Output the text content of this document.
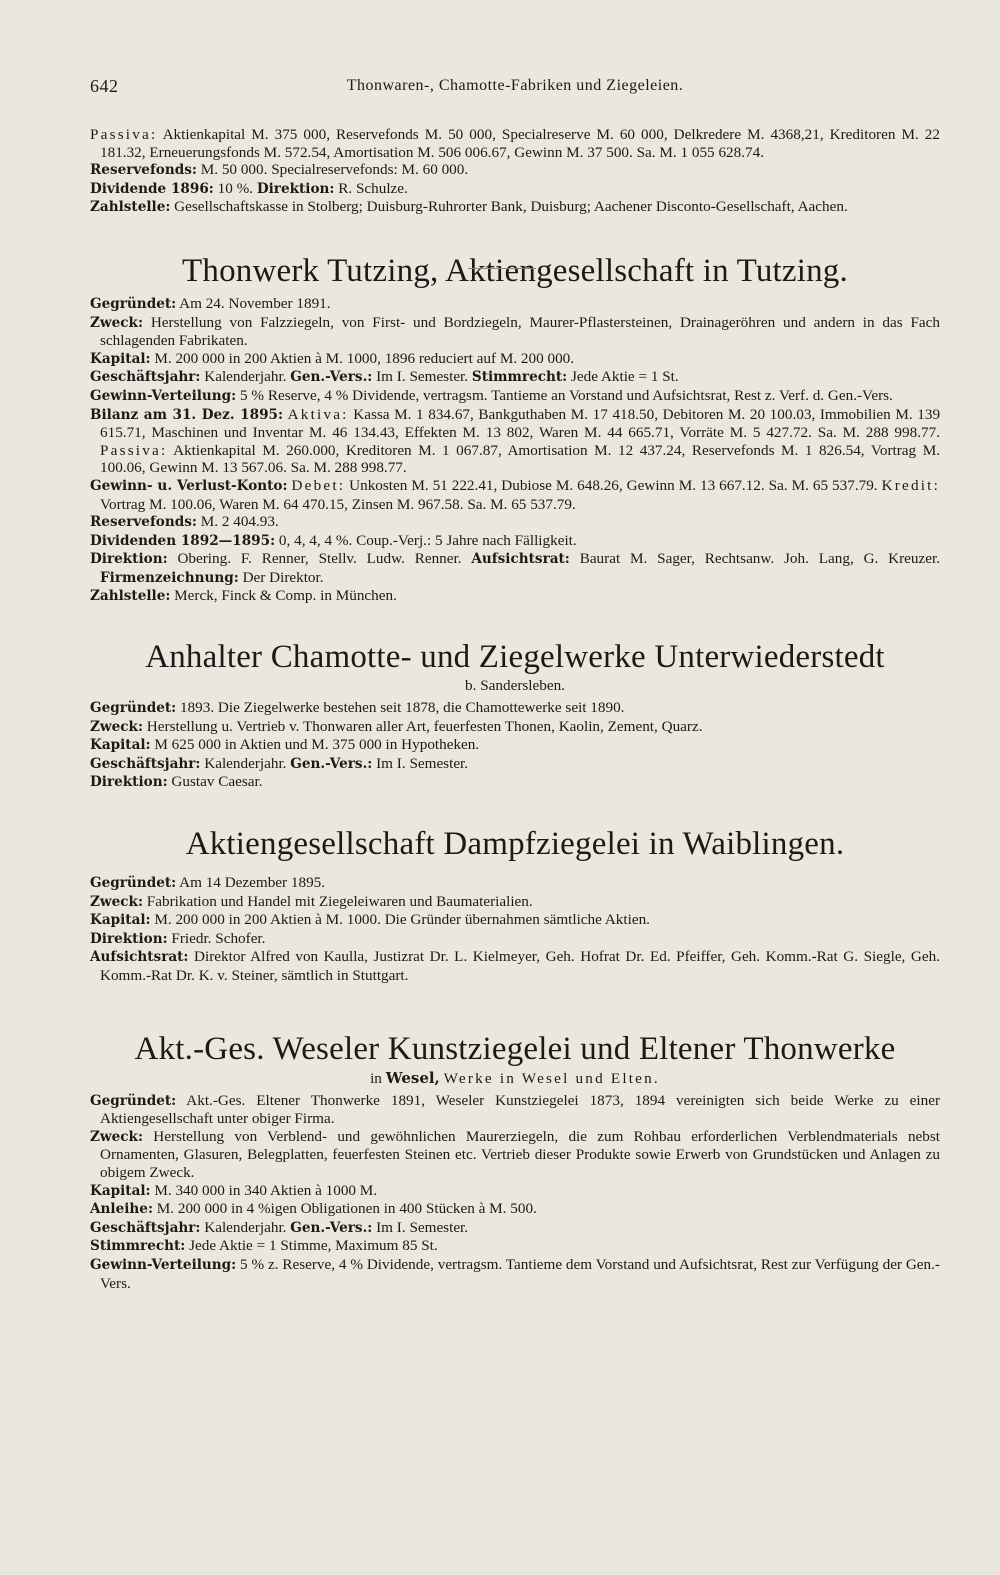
642	Thonwaren-, Chamotte-Fabriken und Ziegeleien.

Passiva: Aktienkapital M. 375 000, Reservefonds M. 50 000, Specialreserve M. 60 000, Delkredere M. 4368,21, Kreditoren M. 22 181.32, Erneuerungsfonds M. 572.54, Amortisation M. 506 006.67, Gewinn M. 37 500. Sa. M. 1 055 628.74.

Reservefonds: M. 50 000. Specialreservefonds: M. 60 000.

Dividende 1896: 10 %. Direktion: R. Schulze.

Zahlstelle: Gesellschaftskasse in Stolberg; Duisburg-Ruhrorter Bank, Duisburg; Aachener Disconto-Gesellschaft, Aachen.

Thonwerk Tutzing, Aktiengesellschaft in Tutzing.

Gegründet: Am 24. November 1891.

Zweck: Herstellung von Falzziegeln, von First- und Bordziegeln, Maurer-Pflastersteinen, Drainageröhren und andern in das Fach schlagenden Fabrikaten.

Kapital: M. 200 000 in 200 Aktien à M. 1000, 1896 reduciert auf M. 200 000.

Geschäftsjahr: Kalenderjahr. Gen.-Vers.: Im I. Semester. Stimmrecht: Jede Aktie = 1 St.

Gewinn-Verteilung: 5 % Reserve, 4 % Dividende, vertragsm. Tantieme an Vorstand und Aufsichtsrat, Rest z. Verf. d. Gen.-Vers.

Bilanz am 31. Dez. 1895: Aktiva: Kassa M. 1 834.67, Bankguthaben M. 17 418.50, Debitoren M. 20 100.03, Immobilien M. 139 615.71, Maschinen und Inventar M. 46 134.43, Effekten M. 13 802, Waren M. 44 665.71, Vorräte M. 5 427.72. Sa. M. 288 998.77. Passiva: Aktienkapital M. 260.000, Kreditoren M. 1 067.87, Amortisation M. 12 437.24, Reservefonds M. 1 826.54, Vortrag M. 100.06, Gewinn M. 13 567.06. Sa. M. 288 998.77.

Gewinn- u. Verlust-Konto: Debet: Unkosten M. 51 222.41, Dubiose M. 648.26, Gewinn M. 13 667.12. Sa. M. 65 537.79. Kredit: Vortrag M. 100.06, Waren M. 64 470.15, Zinsen M. 967.58. Sa. M. 65 537.79.

Reservefonds: M. 2 404.93.

Dividenden 1892—1895: 0, 4, 4, 4 %. Coup.-Verj.: 5 Jahre nach Fälligkeit.

Direktion: Obering. F. Renner, Stellv. Ludw. Renner. Aufsichtsrat: Baurat M. Sager, Rechtsanw. Joh. Lang, G. Kreuzer. Firmenzeichnung: Der Direktor.

Zahlstelle: Merck, Finck & Comp. in München.

Anhalter Chamotte- und Ziegelwerke Unterwiederstedt
b. Sandersleben.

Gegründet: 1893. Die Ziegelwerke bestehen seit 1878, die Chamottewerke seit 1890.

Zweck: Herstellung u. Vertrieb v. Thonwaren aller Art, feuerfesten Thonen, Kaolin, Zement, Quarz.

Kapital: M 625 000 in Aktien und M. 375 000 in Hypotheken.

Geschäftsjahr: Kalenderjahr. Gen.-Vers.: Im I. Semester.

Direktion: Gustav Caesar.

Aktiengesellschaft Dampfziegelei in Waiblingen.

Gegründet: Am 14 Dezember 1895.

Zweck: Fabrikation und Handel mit Ziegeleiwaren und Baumaterialien.

Kapital: M. 200 000 in 200 Aktien à M. 1000. Die Gründer übernahmen sämtliche Aktien.

Direktion: Friedr. Schofer.

Aufsichtsrat: Direktor Alfred von Kaulla, Justizrat Dr. L. Kielmeyer, Geh. Hofrat Dr. Ed. Pfeiffer, Geh. Komm.-Rat G. Siegle, Geh. Komm.-Rat Dr. K. v. Steiner, sämtlich in Stuttgart.

Akt.-Ges. Weseler Kunstziegelei und Eltener Thonwerke
in Wesel, Werke in Wesel und Elten.

Gegründet: Akt.-Ges. Eltener Thonwerke 1891, Weseler Kunstziegelei 1873, 1894 vereinigten sich beide Werke zu einer Aktiengesellschaft unter obiger Firma.

Zweck: Herstellung von Verblend- und gewöhnlichen Maurerziegeln, die zum Rohbau erforderlichen Verblendmaterials nebst Ornamenten, Glasuren, Belegplatten, feuerfesten Steinen etc. Vertrieb dieser Produkte sowie Erwerb von Grundstücken und Anlagen zu obigem Zweck.

Kapital: M. 340 000 in 340 Aktien à 1000 M.

Anleihe: M. 200 000 in 4 %igen Obligationen in 400 Stücken à M. 500.

Geschäftsjahr: Kalenderjahr. Gen.-Vers.: Im I. Semester.

Stimmrecht: Jede Aktie = 1 Stimme, Maximum 85 St.

Gewinn-Verteilung: 5 % z. Reserve, 4 % Dividende, vertragsm. Tantieme dem Vorstand und Aufsichtsrat, Rest zur Verfügung der Gen.-Vers.
